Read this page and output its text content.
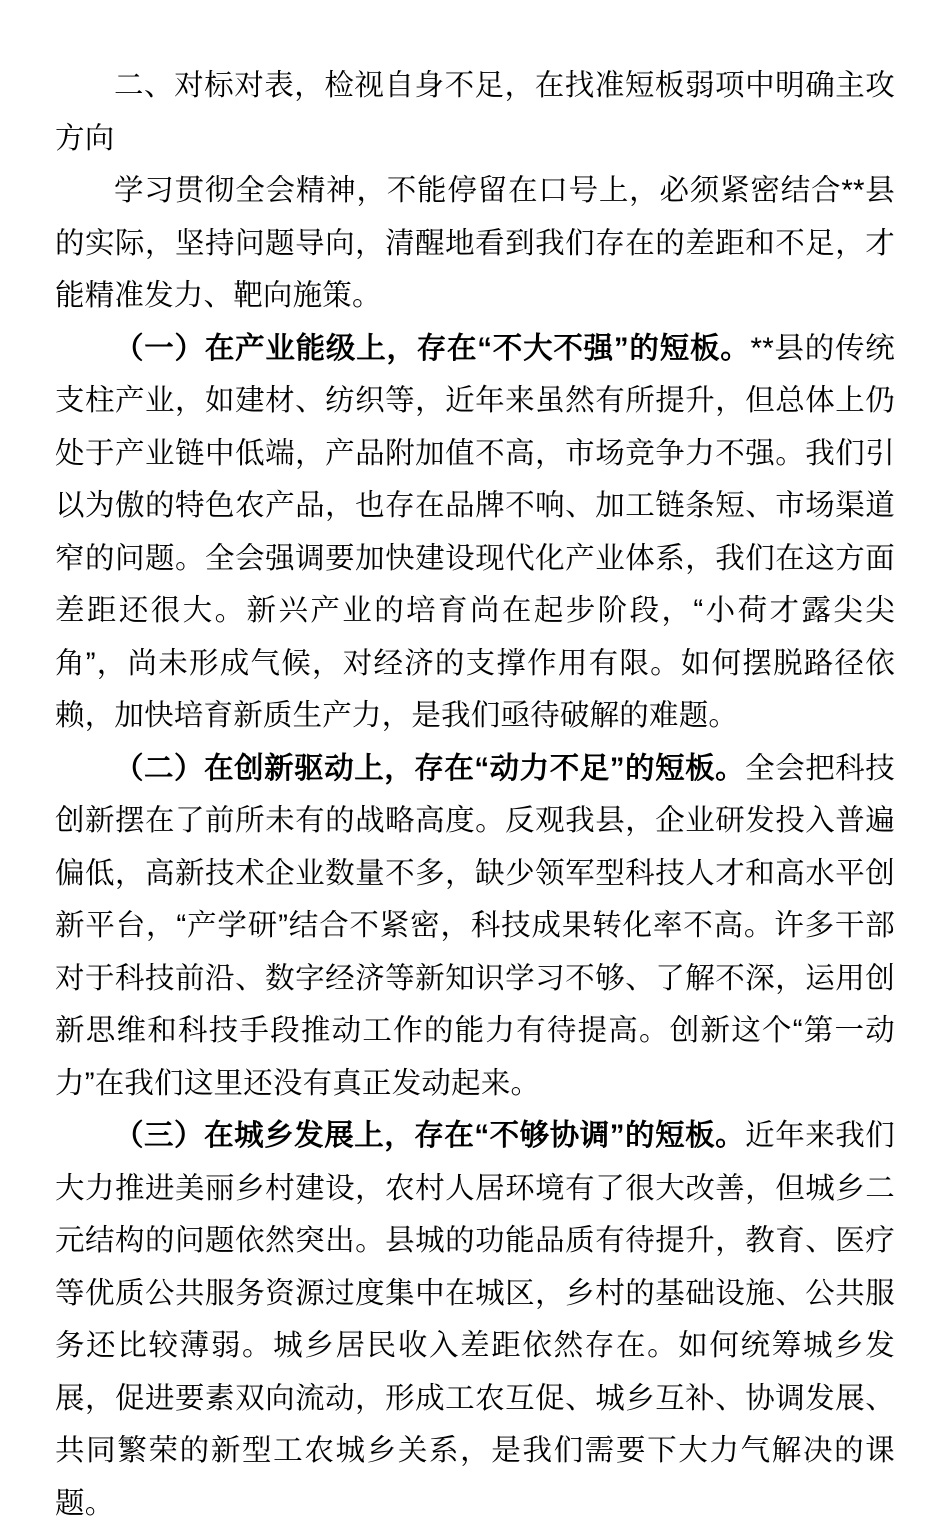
二、对标对表，检视自身不足，在找准短板弱项中明确主攻方向

学习贯彻全会精神，不能停留在口号上，必须紧密结合**县的实际，坚持问题导向，清醒地看到我们存在的差距和不足，才能精准发力、靶向施策。

（一）在产业能级上，存在“不大不强”的短板。**县的传统支柱产业，如建材、纺织等，近年来虽然有所提升，但总体上仍处于产业链中低端，产品附加值不高，市场竞争力不强。我们引以为傲的特色农产品，也存在品牌不响、加工链条短、市场渠道窄的问题。全会强调要加快建设现代化产业体系，我们在这方面差距还很大。新兴产业的培育尚在起步阶段，“小荷才露尖尖角”，尚未形成气候，对经济的支撑作用有限。如何摆脱路径依赖，加快培育新质生产力，是我们亟待破解的难题。

（二）在创新驱动上，存在“动力不足”的短板。全会把科技创新摆在了前所未有的战略高度。反观我县，企业研发投入普遍偏低，高新技术企业数量不多，缺少领军型科技人才和高水平创新平台，“产学研”结合不紧密，科技成果转化率不高。许多干部对于科技前沿、数字经济等新知识学习不够、了解不深，运用创新思维和科技手段推动工作的能力有待提高。创新这个“第一动力”在我们这里还没有真正发动起来。

（三）在城乡发展上，存在“不够协调”的短板。近年来我们大力推进美丽乡村建设，农村人居环境有了很大改善，但城乡二元结构的问题依然突出。县城的功能品质有待提升，教育、医疗等优质公共服务资源过度集中在城区，乡村的基础设施、公共服务还比较薄弱。城乡居民收入差距依然存在。如何统筹城乡发展，促进要素双向流动，形成工农互促、城乡互补、协调发展、共同繁荣的新型工农城乡关系，是我们需要下大力气解决的课题。
